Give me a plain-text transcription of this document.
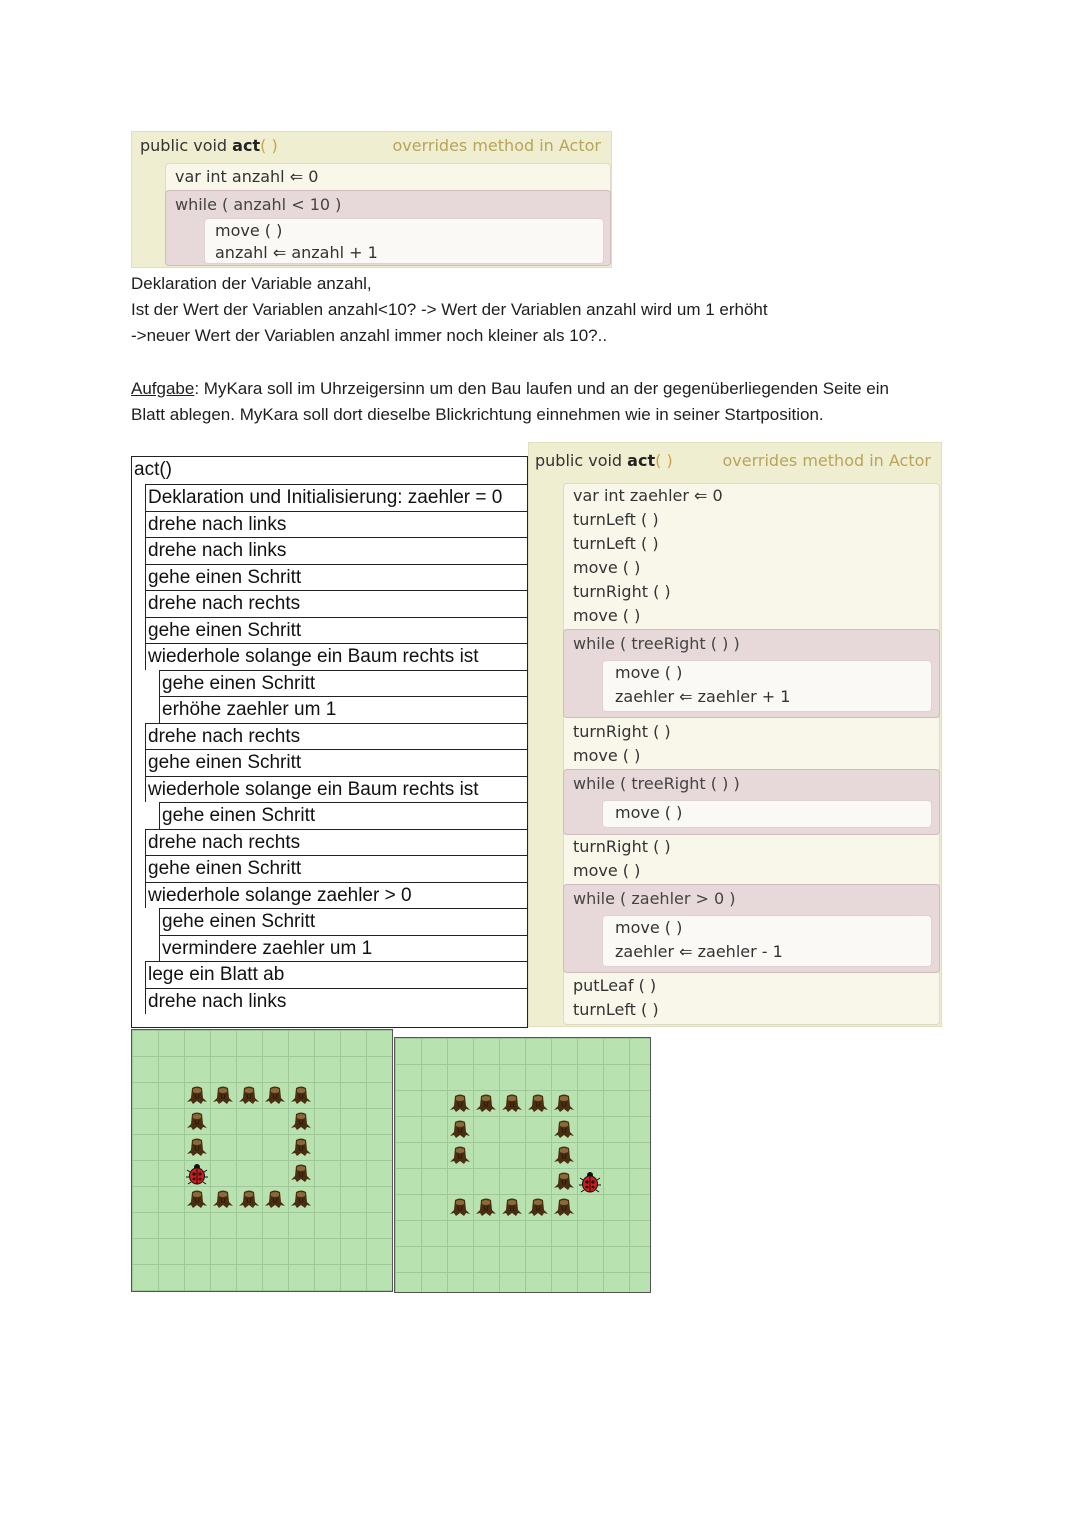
public void act( )	overrides method in Actor
var int anzahl ⇐ 0
while ( anzahl < 10 )
move ( )
anzahl ⇐ anzahl + 1
Deklaration der Variable anzahl,
Ist der Wert der Variablen anzahl<10? -> Wert der Variablen anzahl wird um 1 erhöht
->neuer Wert der Variablen anzahl immer noch kleiner als 10?..
Aufgabe: MyKara soll im Uhrzeigersinn um den Bau laufen und an der gegenüberliegenden Seite ein
Blatt ablegen. MyKara soll dort dieselbe Blickrichtung einnehmen wie in seiner Startposition.
act()
Deklaration und Initialisierung: zaehler = 0
drehe nach links
drehe nach links
gehe einen Schritt
drehe nach rechts
gehe einen Schritt
wiederhole solange ein Baum rechts ist
gehe einen Schritt
erhöhe zaehler um 1
drehe nach rechts
gehe einen Schritt
wiederhole solange ein Baum rechts ist
gehe einen Schritt
drehe nach rechts
gehe einen Schritt
wiederhole solange zaehler > 0
gehe einen Schritt
vermindere zaehler um 1
lege ein Blatt ab
drehe nach links
public void act( )	overrides method in Actor
var int zaehler ⇐ 0
turnLeft ( )
turnLeft ( )
move ( )
turnRight ( )
move ( )
while ( treeRight ( ) )
move ( )
zaehler ⇐ zaehler + 1
turnRight ( )
move ( )
while ( treeRight ( ) )
move ( )
turnRight ( )
move ( )
while ( zaehler > 0 )
move ( )
zaehler ⇐ zaehler - 1
putLeaf ( )
turnLeft ( )
